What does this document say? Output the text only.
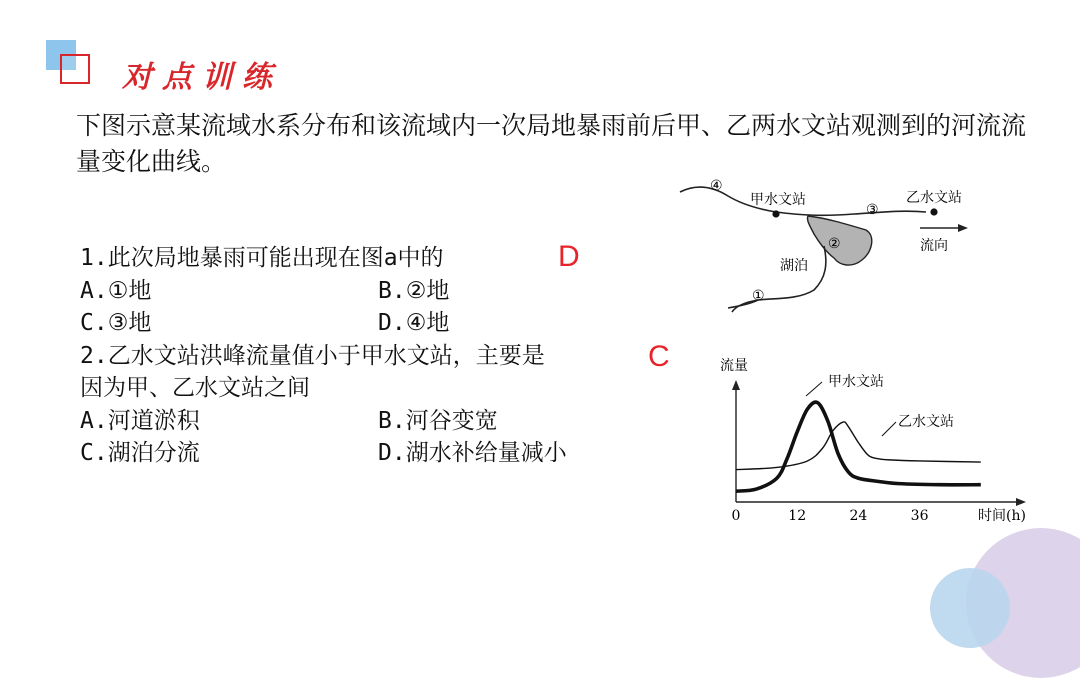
对点训练
下图示意某流域水系分布和该流域内一次局地暴雨前后甲、乙两水文站观测到的河流流量变化曲线。
1.此次局地暴雨可能出现在图a中的	D
A.①地	B.②地
C.③地	D.④地
2.乙水文站洪峰流量值小于甲水文站，主要是	C
因为甲、乙水文站之间
A.河道淤积	B.河谷变宽
C.湖泊分流	D.湖水补给量减小
④
甲水文站
③
乙水文站
②	流向
湖泊
①
流量
时间(h)
0	12	24	36
甲水文站
乙水文站
